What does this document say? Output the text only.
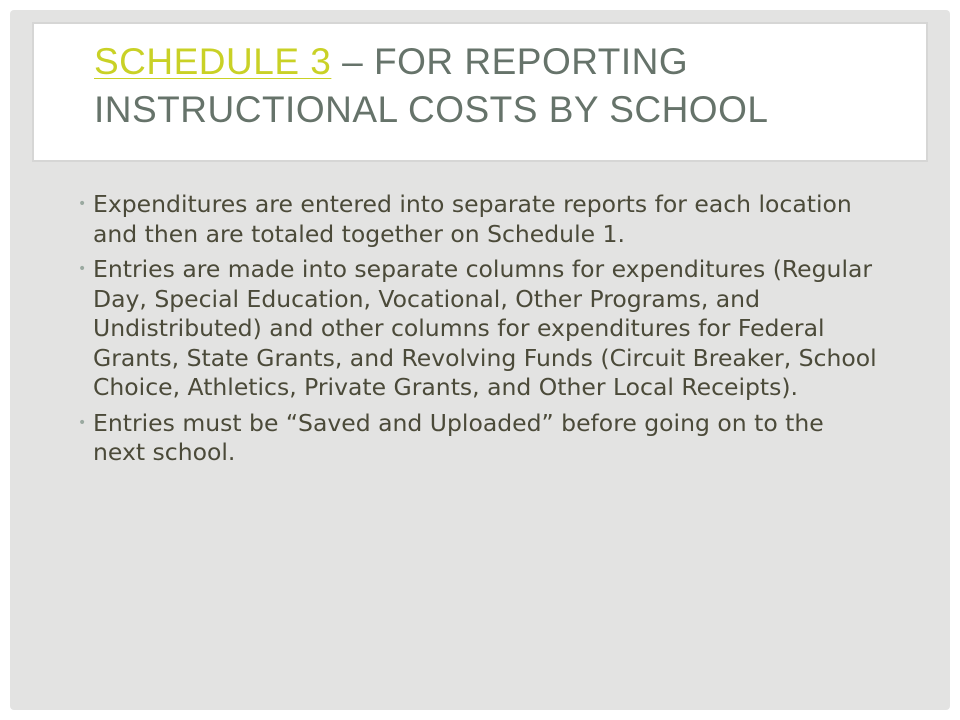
SCHEDULE 3 – FOR REPORTING INSTRUCTIONAL COSTS BY SCHOOL
• Expenditures are entered into separate reports for each location and then are totaled together on Schedule 1.
• Entries are made into separate columns for expenditures (Regular Day, Special Education, Vocational, Other Programs, and Undistributed) and other columns for expenditures for Federal Grants, State Grants, and Revolving Funds (Circuit Breaker, School Choice, Athletics, Private Grants, and Other Local Receipts).
• Entries must be “Saved and Uploaded” before going on to the next school.
